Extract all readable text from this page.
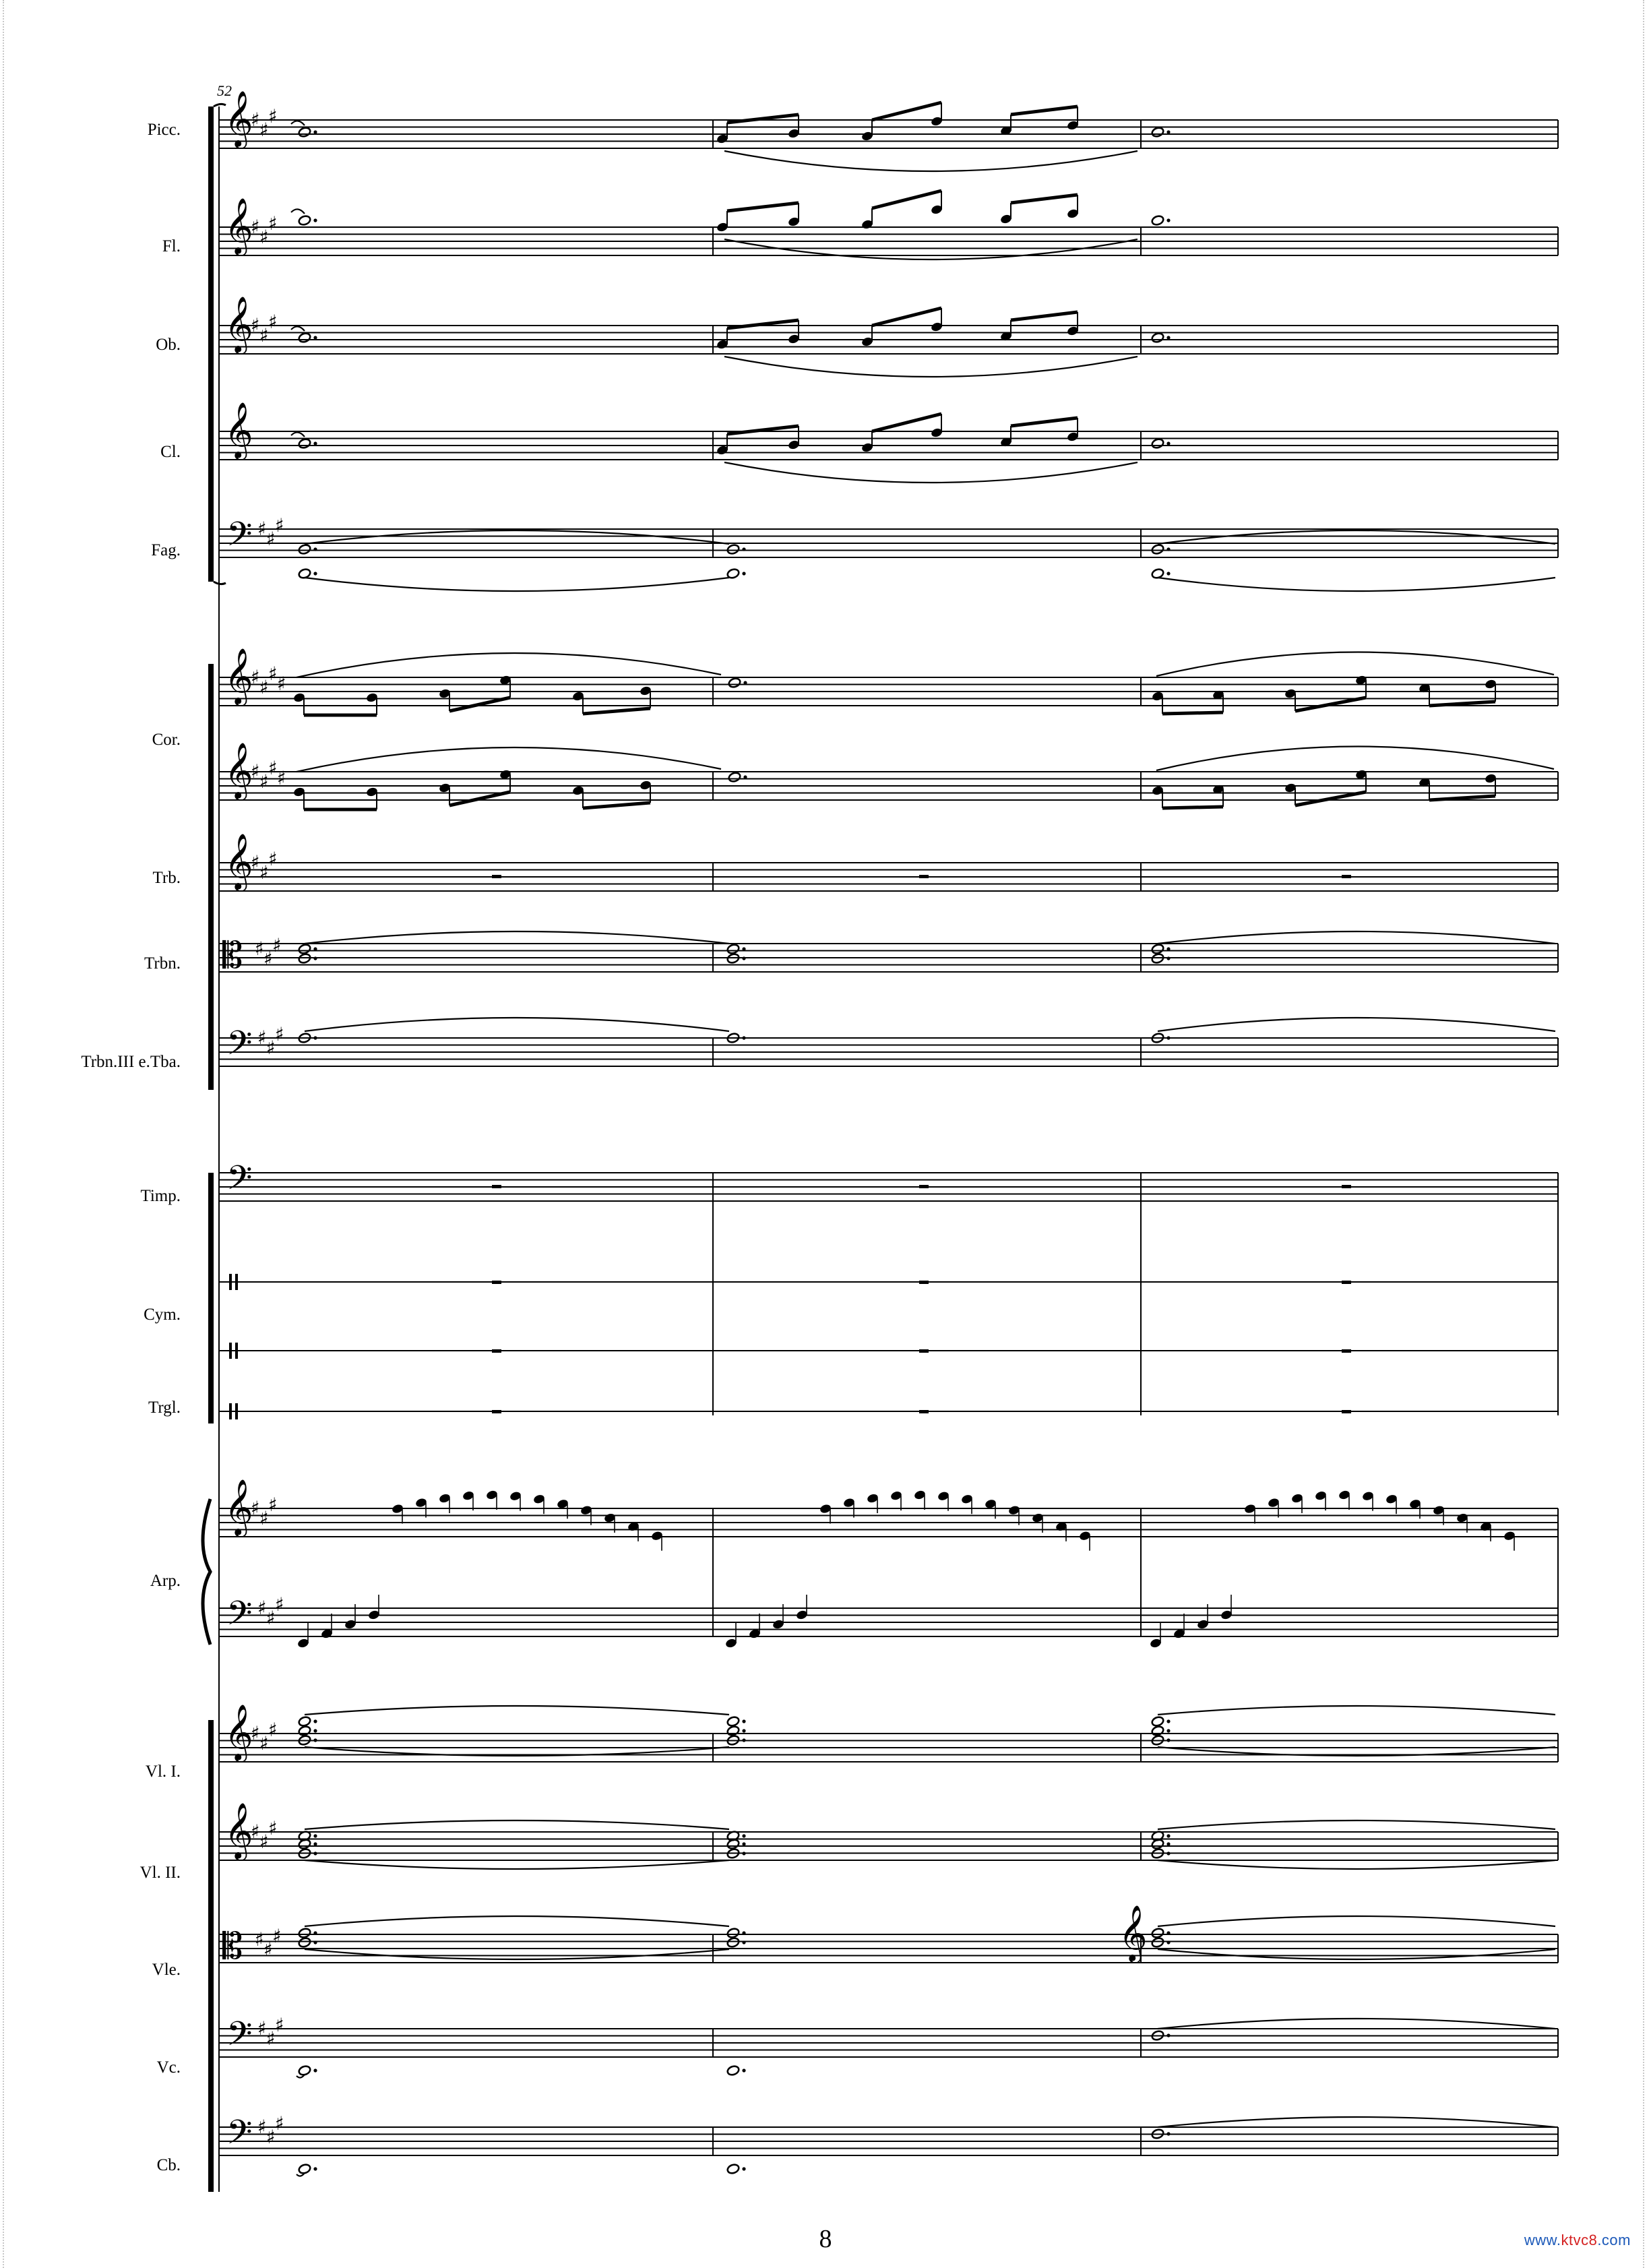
52
Picc. 𝄞
♯ ♯
♯
Fl. 𝄞
♯ ♯
♯
Ob. 𝄞
♯ ♯
♯
Cl. 𝄞
Fag. 𝄢 ♯ ♯
♯
𝄞
♯ ♯
♯ ♯
𝄞
♯ ♯
♯ ♯
Cor.
Trb. 𝄞
♯ ♯
♯
Trbn. 𝄡 ♯ ♯
♯
Trbn.III e.Tba. 𝄢 ♯ ♯
♯
Timp. 𝄢
Cym.
Trgl.
Arp.
𝄞
♯ ♯
♯
𝄢 ♯ ♯
♯
Vl. I.
𝄞
♯ ♯
♯
Vl. II.
𝄞
♯ ♯
♯
Vle.
𝄡 ♯ ♯
♯	𝄞
Vc.
𝄢 ♯ ♯
♯
Cb.
𝄢 ♯ ♯
♯
8	www.ktvc8.com
